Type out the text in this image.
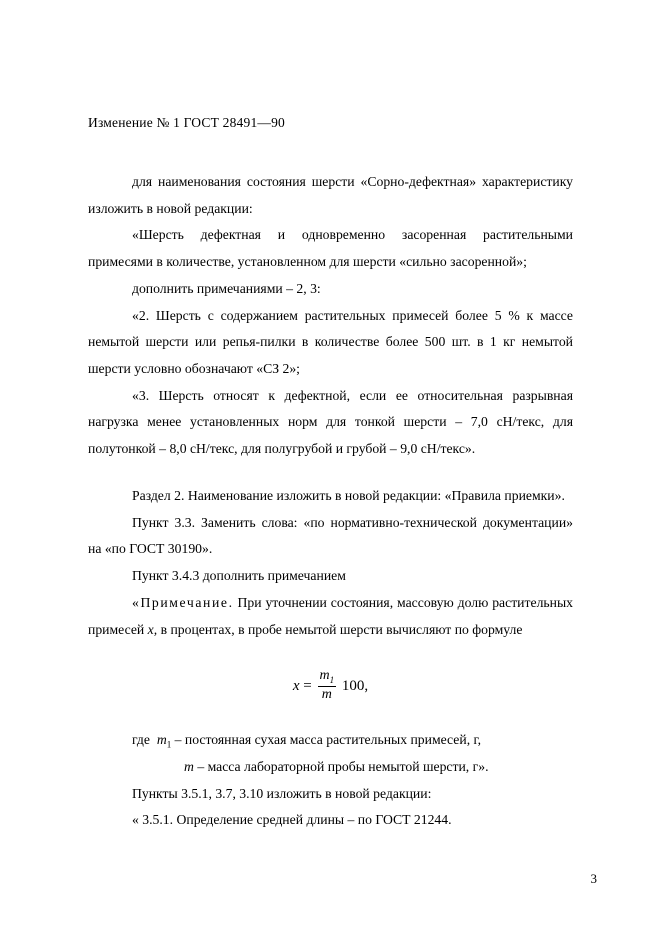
Изменение № 1 ГОСТ 28491—90

для наименования состояния шерсти «Сорно-дефектная» характеристику изложить в новой редакции:

«Шерсть дефектная и одновременно засоренная растительными примесями в количестве, установленном для шерсти «сильно засоренной»;

дополнить примечаниями – 2, 3:

«2. Шерсть с содержанием растительных примесей более 5 % к массе немытой шерсти или репья-пилки в количестве более 500 шт. в 1 кг немытой шерсти условно обозначают «СЗ 2»;

«3. Шерсть относят к дефектной, если ее относительная разрывная нагрузка менее установленных норм для тонкой шерсти – 7,0 сН/текс, для полутонкой – 8,0 сН/текс, для полугрубой и грубой – 9,0 сН/текс».

Раздел 2. Наименование изложить в новой редакции: «Правила приемки».

Пункт 3.3. Заменить слова: «по нормативно-технической документации» на «по ГОСТ 30190».

Пункт 3.4.3 дополнить примечанием

«Примечание. При уточнении состояния, массовую долю растительных примесей х, в процентах, в пробе немытой шерсти вычисляют по формуле

$x = \frac{m_1}{m} 100$,

где $m_1$ – постоянная сухая масса растительных примесей, г,

m – масса лабораторной пробы немытой шерсти, г».

Пункты 3.5.1, 3.7, 3.10 изложить в новой редакции:

« 3.5.1. Определение средней длины – по ГОСТ 21244.

3
